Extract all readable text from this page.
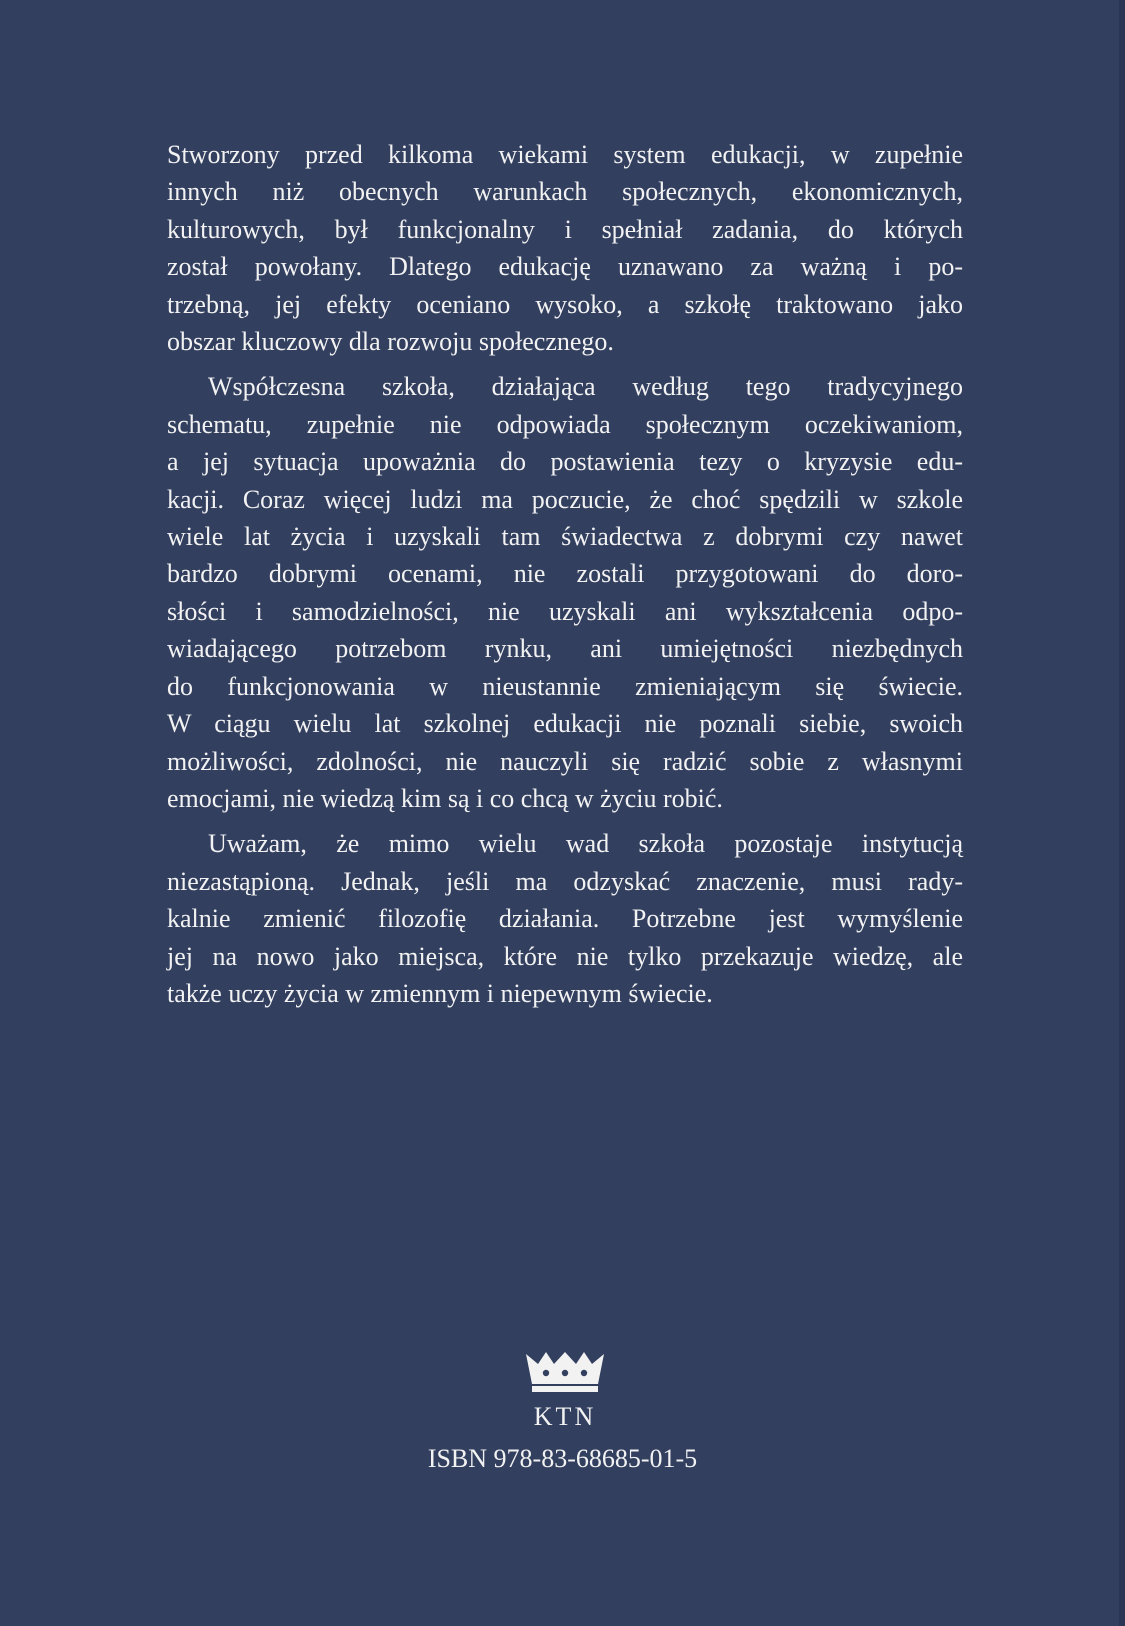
Stworzony przed kilkoma wiekami system edukacji, w zupełnie
innych niż obecnych warunkach społecznych, ekonomicznych,
kulturowych, był funkcjonalny i spełniał zadania, do których
został powołany. Dlatego edukację uznawano za ważną i po-
trzebną, jej efekty oceniano wysoko, a szkołę traktowano jako
obszar kluczowy dla rozwoju społecznego.

Współczesna szkoła, działająca według tego tradycyjnego
schematu, zupełnie nie odpowiada społecznym oczekiwaniom,
a jej sytuacja upoważnia do postawienia tezy o kryzysie edu-
kacji. Coraz więcej ludzi ma poczucie, że choć spędzili w szkole
wiele lat życia i uzyskali tam świadectwa z dobrymi czy nawet
bardzo dobrymi ocenami, nie zostali przygotowani do doro-
słości i samodzielności, nie uzyskali ani wykształcenia odpo-
wiadającego potrzebom rynku, ani umiejętności niezbędnych
do funkcjonowania w nieustannie zmieniającym się świecie.
W ciągu wielu lat szkolnej edukacji nie poznali siebie, swoich
możliwości, zdolności, nie nauczyli się radzić sobie z własnymi
emocjami, nie wiedzą kim są i co chcą w życiu robić.

Uważam, że mimo wielu wad szkoła pozostaje instytucją
niezastąpioną. Jednak, jeśli ma odzyskać znaczenie, musi rady-
kalnie zmienić filozofię działania. Potrzebne jest wymyślenie
jej na nowo jako miejsca, które nie tylko przekazuje wiedzę, ale
także uczy życia w zmiennym i niepewnym świecie.

KTN
ISBN 978-83-68685-01-5
